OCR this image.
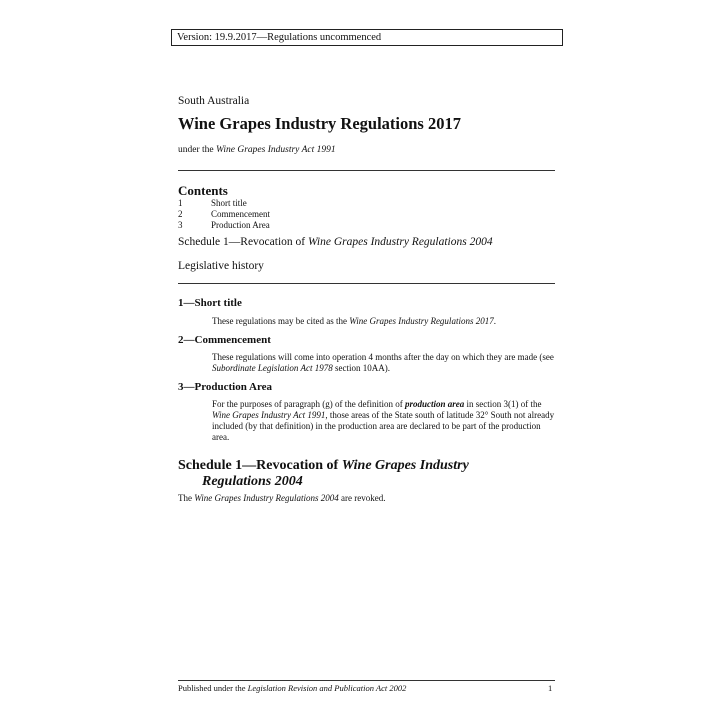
Version: 19.9.2017—Regulations uncommenced
South Australia
Wine Grapes Industry Regulations 2017
under the Wine Grapes Industry Act 1991
Contents
1	Short title
2	Commencement
3	Production Area
Schedule 1—Revocation of Wine Grapes Industry Regulations 2004
Legislative history
1—Short title
These regulations may be cited as the Wine Grapes Industry Regulations 2017.
2—Commencement
These regulations will come into operation 4 months after the day on which they are made (see Subordinate Legislation Act 1978 section 10AA).
3—Production Area
For the purposes of paragraph (g) of the definition of production area in section 3(1) of the Wine Grapes Industry Act 1991, those areas of the State south of latitude 32° South not already included (by that definition) in the production area are declared to be part of the production area.
Schedule 1—Revocation of Wine Grapes Industry
Regulations 2004
The Wine Grapes Industry Regulations 2004 are revoked.
Published under the Legislation Revision and Publication Act 2002	1
